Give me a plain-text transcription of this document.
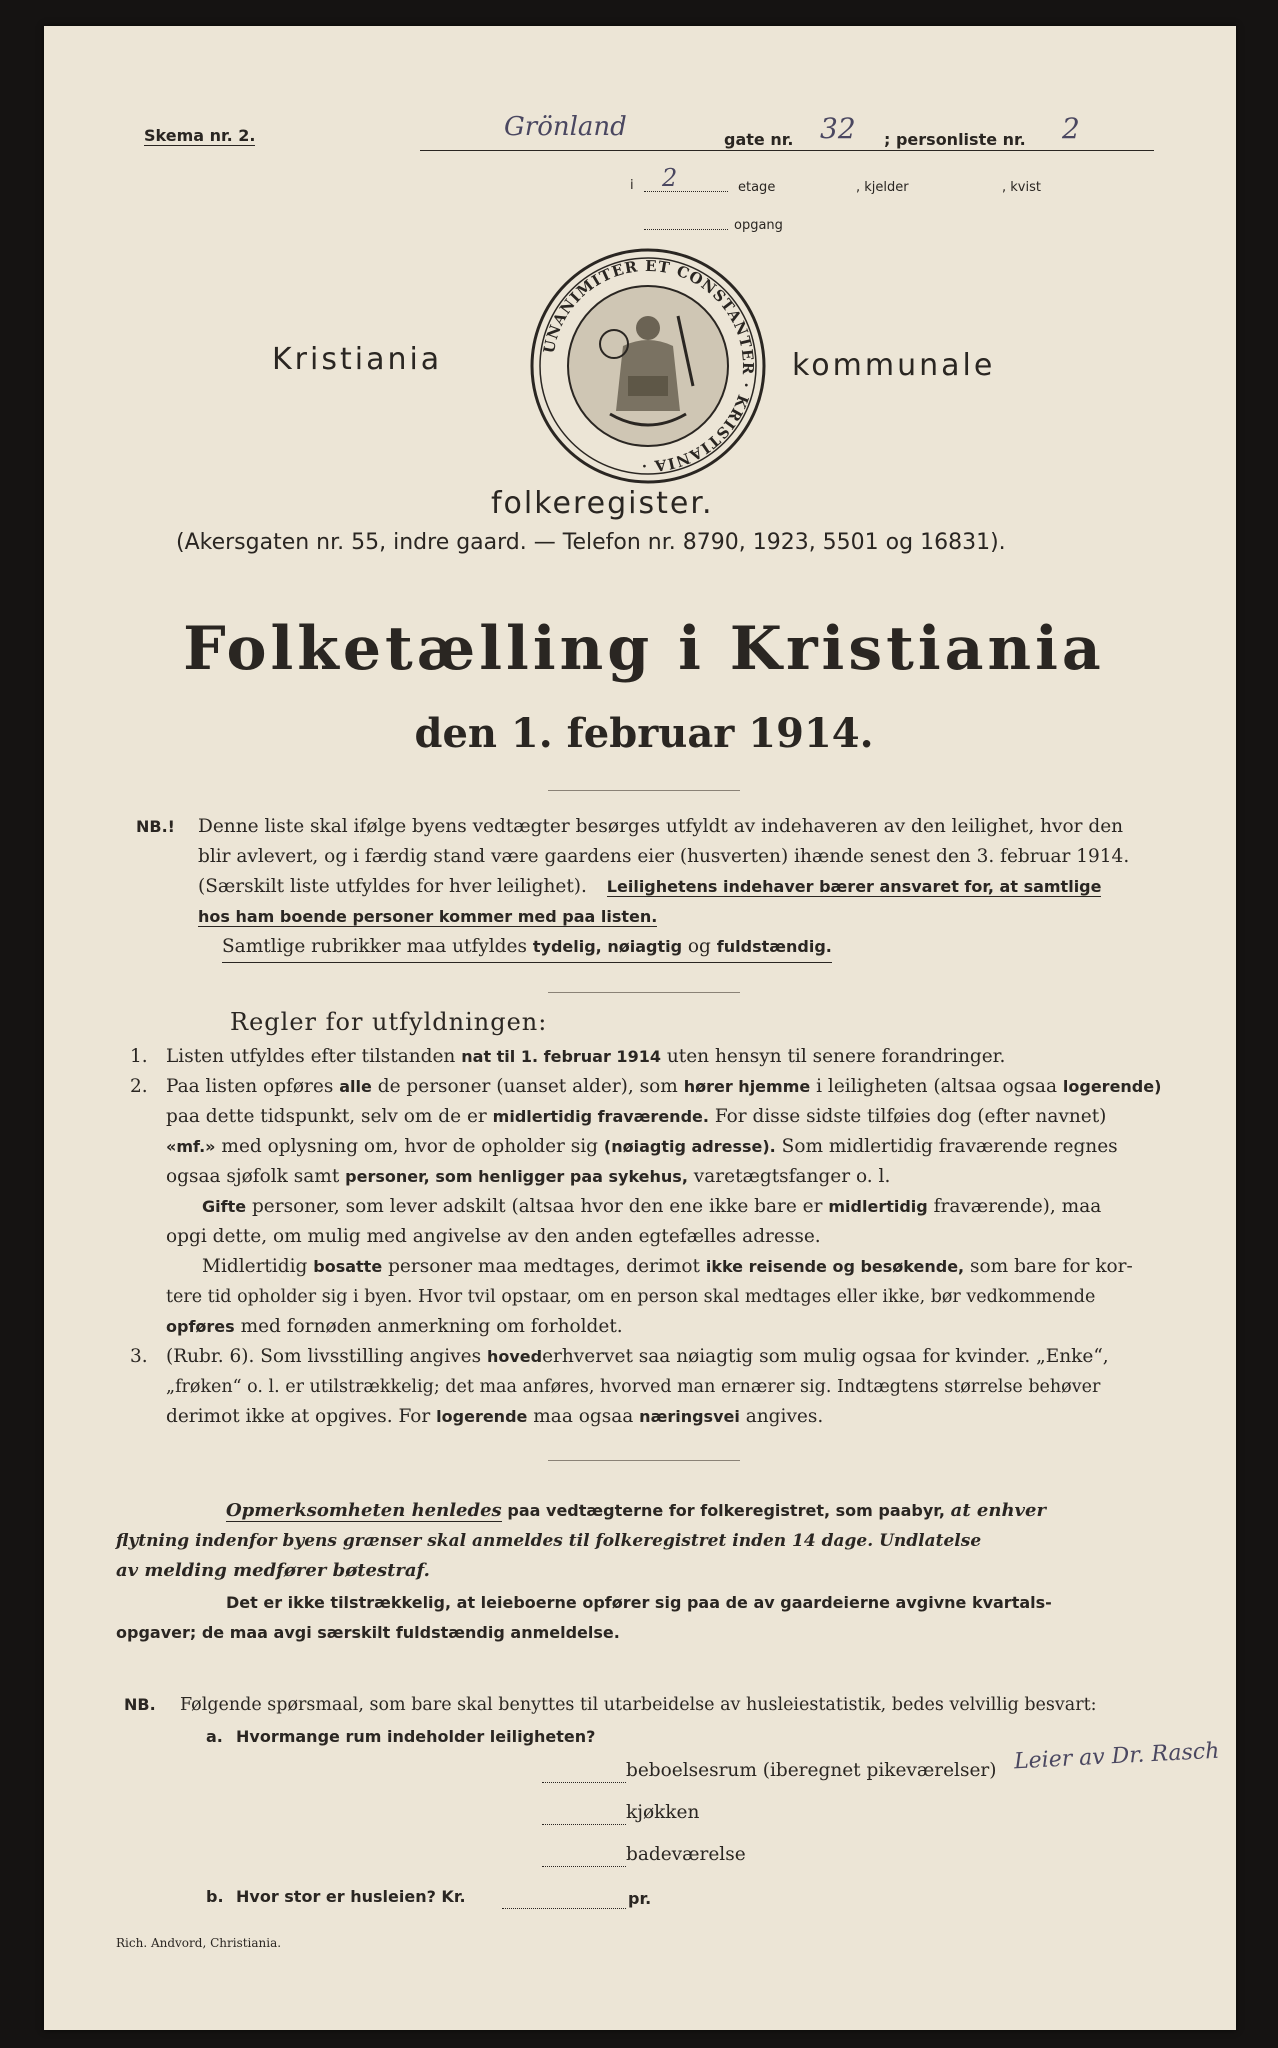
Skema nr. 2.	Grönland	gate nr. 32 ; personliste nr. 2
i 2	etage	, kjelder	, kvist
opgang
Kristiania	kommunale
UNANIMITER ET CONSTANTER · KRISTIANIA ·
folkeregister.
(Akersgaten nr. 55, indre gaard. — Telefon nr. 8790, 1923, 5501 og 16831).
Folketælling i Kristiania
den 1. februar 1914.
NB.! Denne liste skal ifølge byens vedtægter besørges utfyldt av indehaveren av den leilighet, hvor den

blir avlevert, og i færdig stand være gaardens eier (husverten) ihænde senest den 3. februar 1914.

(Særskilt liste utfyldes for hver leilighet). Leilighetens indehaver bærer ansvaret for, at samtlige

hos ham boende personer kommer med paa listen.

Samtlige rubrikker maa utfyldes tydelig, nøiagtig og fuldstændig.

Regler for utfyldningen:
1. Listen utfyldes efter tilstanden nat til 1. februar 1914 uten hensyn til senere forandringer.

2. Paa listen opføres alle de personer (uanset alder), som hører hjemme i leiligheten (altsaa ogsaa logerende)

paa dette tidspunkt, selv om de er midlertidig fraværende. For disse sidste tilføies dog (efter navnet)

«mf.» med oplysning om, hvor de opholder sig (nøiagtig adresse). Som midlertidig fraværende regnes

ogsaa sjøfolk samt personer, som henligger paa sykehus, varetægtsfanger o. l.

Gifte personer, som lever adskilt (altsaa hvor den ene ikke bare er midlertidig fraværende), maa

opgi dette, om mulig med angivelse av den anden egtefælles adresse.

Midlertidig bosatte personer maa medtages, derimot ikke reisende og besøkende, som bare for kor-

tere tid opholder sig i byen. Hvor tvil opstaar, om en person skal medtages eller ikke, bør vedkommende

opføres med fornøden anmerkning om forholdet.

3. (Rubr. 6). Som livsstilling angives hovederhvervet saa nøiagtig som mulig ogsaa for kvinder. „Enke“,

„frøken“ o. l. er utilstrækkelig; det maa anføres, hvorved man ernærer sig. Indtægtens størrelse behøver

derimot ikke at opgives. For logerende maa ogsaa næringsvei angives.

Opmerksomheten henledes paa vedtægterne for folkeregistret, som paabyr, at enhver

flytning indenfor byens grænser skal anmeldes til folkeregistret inden 14 dage. Undlatelse

av melding medfører bøtestraf.

Det er ikke tilstrækkelig, at leieboerne opfører sig paa de av gaardeierne avgivne kvartals-

opgaver; de maa avgi særskilt fuldstændig anmeldelse.

NB. Følgende spørsmaal, som bare skal benyttes til utarbeidelse av husleiestatistik, bedes velvillig besvart:

a. Hvormange rum indeholder leiligheten?
beboelsesrum (iberegnet pikeværelser) Leier av Dr. Rasch
kjøkken
badeværelse
b. Hvor stor er husleien? Kr.	pr.
Rich. Andvord, Christiania.
